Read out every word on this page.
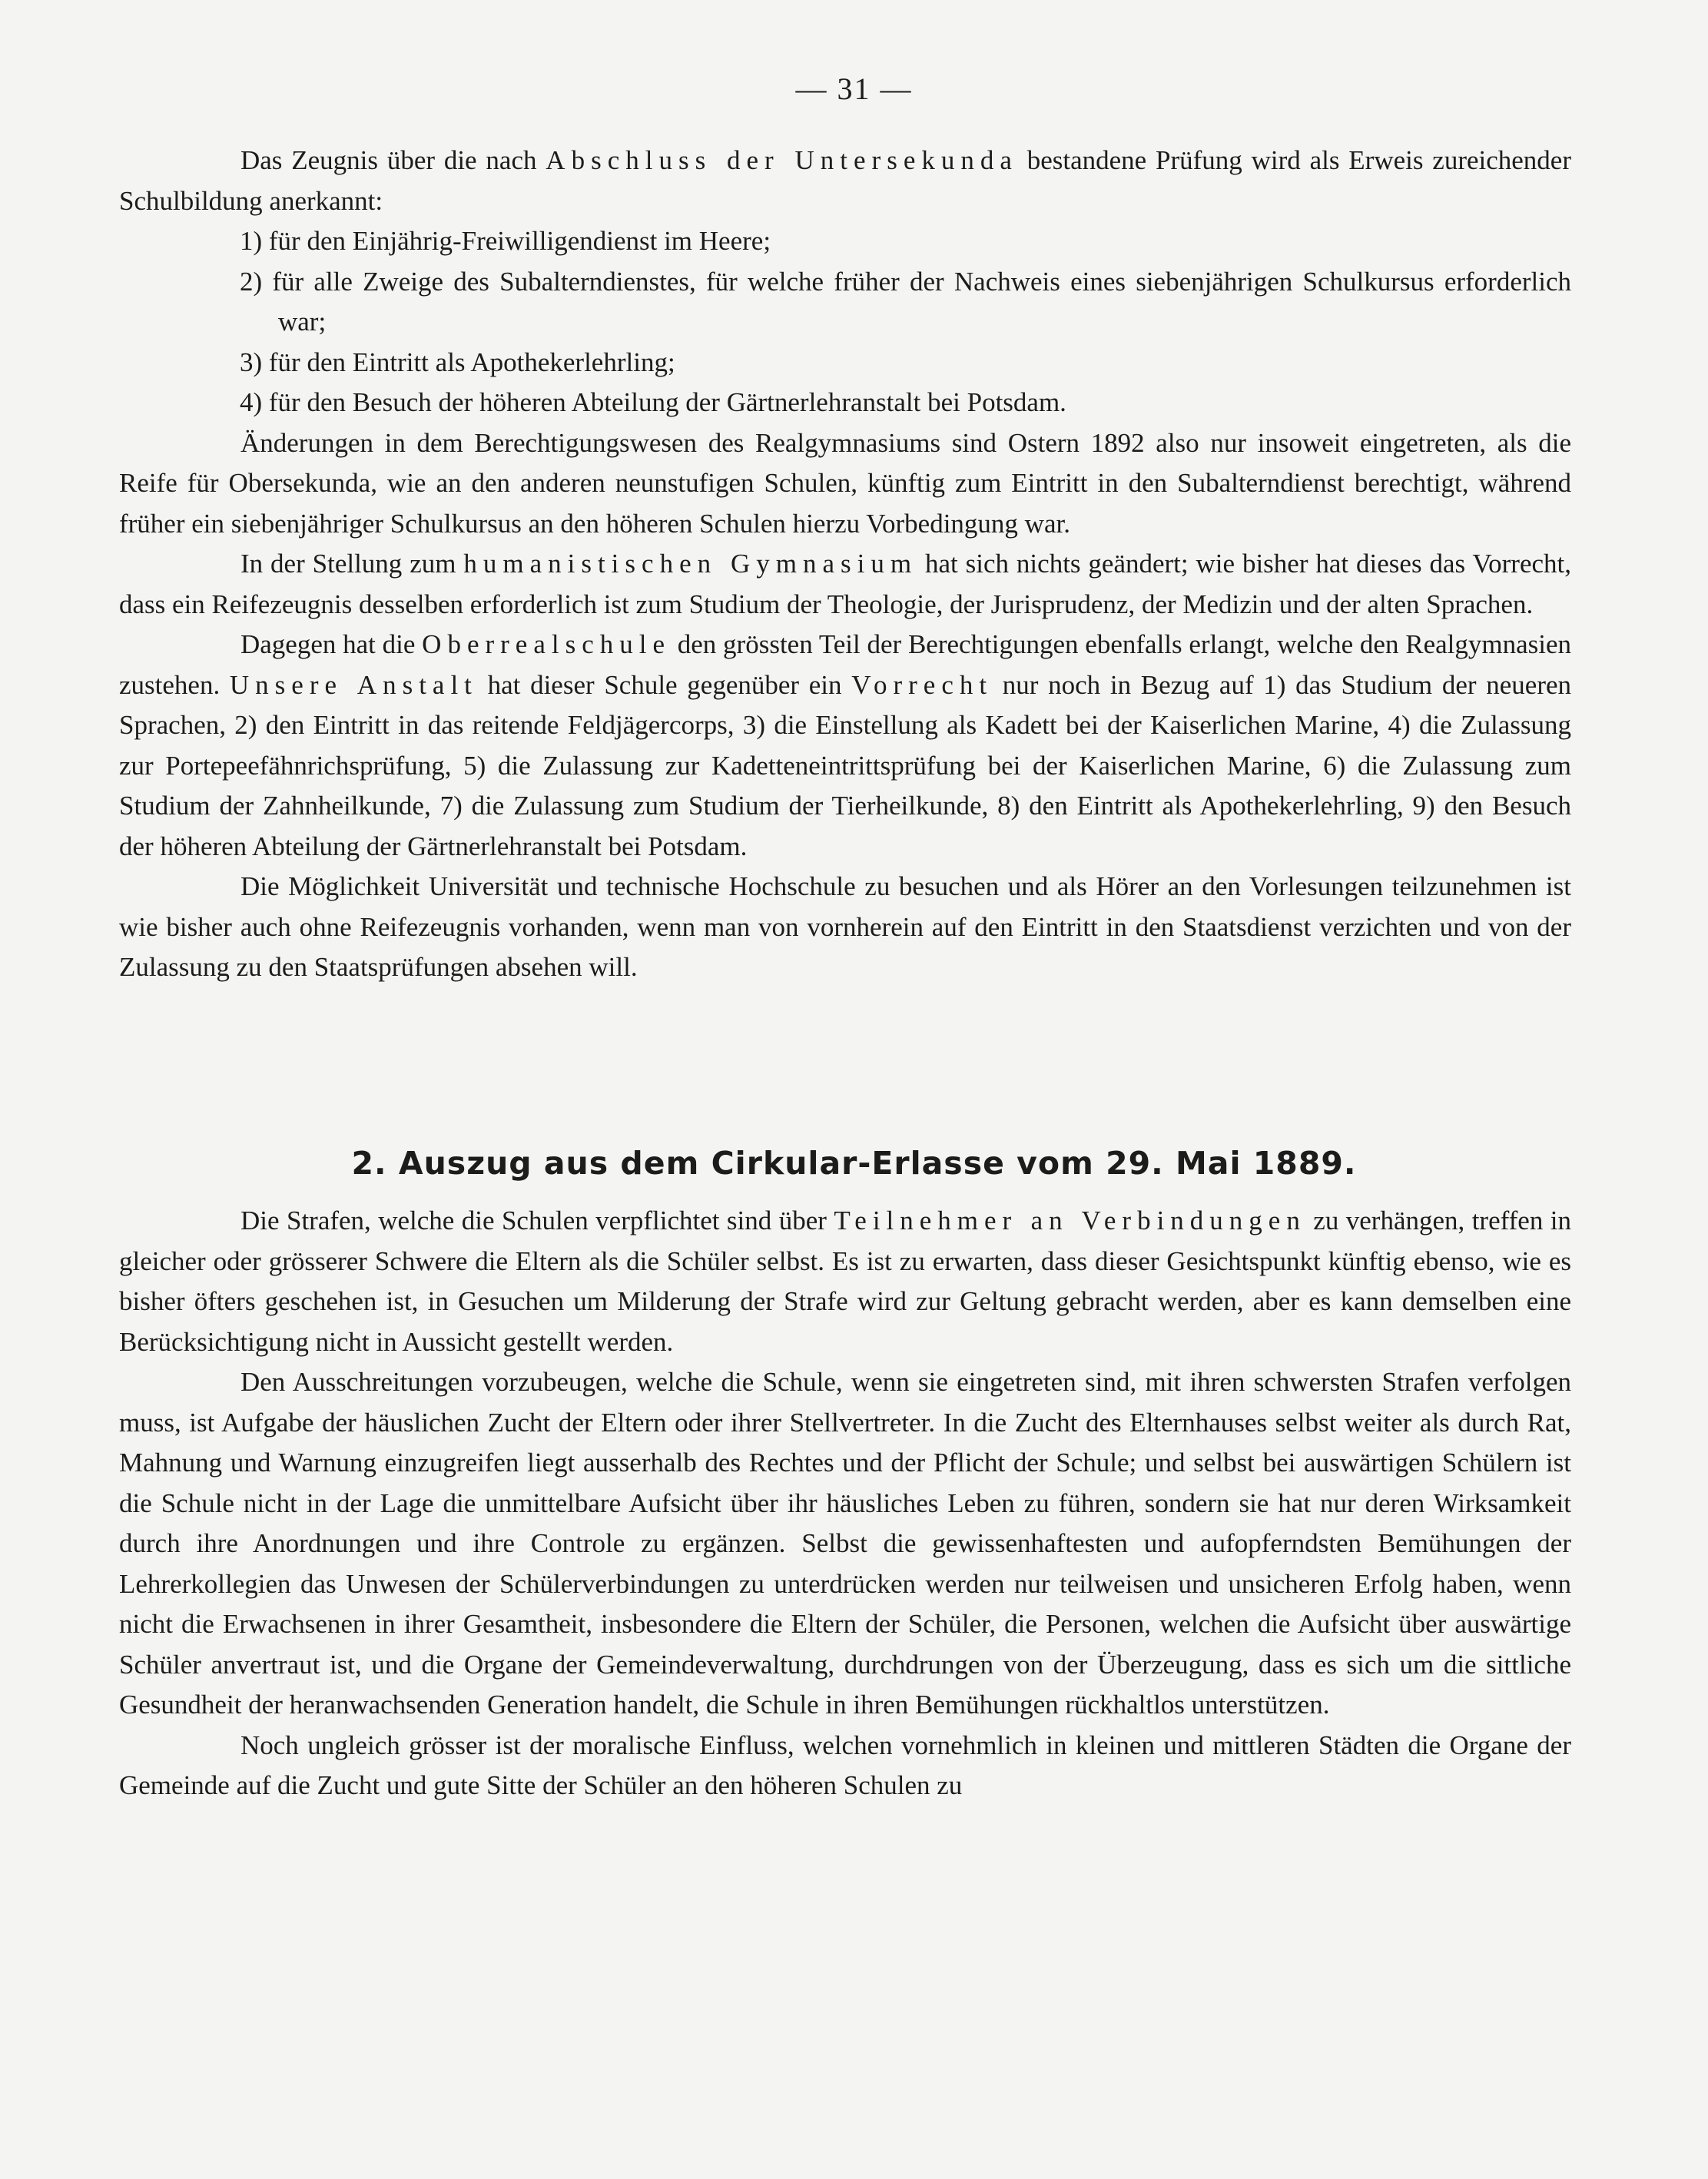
— 31 —

Das Zeugnis über die nach Abschluss der Untersekunda bestandene Prüfung wird als Erweis zureichender Schulbildung anerkannt:

1) für den Einjährig-Freiwilligendienst im Heere;

2) für alle Zweige des Subalterndienstes, für welche früher der Nachweis eines siebenjährigen Schulkursus erforderlich war;

3) für den Eintritt als Apothekerlehrling;

4) für den Besuch der höheren Abteilung der Gärtnerlehranstalt bei Potsdam.

Änderungen in dem Berechtigungswesen des Realgymnasiums sind Ostern 1892 also nur insoweit eingetreten, als die Reife für Obersekunda, wie an den anderen neunstufigen Schulen, künftig zum Eintritt in den Subalterndienst berechtigt, während früher ein siebenjähriger Schulkursus an den höheren Schulen hierzu Vorbedingung war.

In der Stellung zum humanistischen Gymnasium hat sich nichts geändert; wie bisher hat dieses das Vorrecht, dass ein Reifezeugnis desselben erforderlich ist zum Studium der Theologie, der Jurisprudenz, der Medizin und der alten Sprachen.

Dagegen hat die Oberrealschule den grössten Teil der Berechtigungen ebenfalls erlangt, welche den Realgymnasien zustehen. Unsere Anstalt hat dieser Schule gegenüber ein Vorrecht nur noch in Bezug auf 1) das Studium der neueren Sprachen, 2) den Eintritt in das reitende Feldjägercorps, 3) die Einstellung als Kadett bei der Kaiserlichen Marine, 4) die Zulassung zur Portepeefähnrichsprüfung, 5) die Zulassung zur Kadetteneintrittsprüfung bei der Kaiserlichen Marine, 6) die Zulassung zum Studium der Zahnheilkunde, 7) die Zulassung zum Studium der Tierheilkunde, 8) den Eintritt als Apothekerlehrling, 9) den Besuch der höheren Abteilung der Gärtnerlehranstalt bei Potsdam.

Die Möglichkeit Universität und technische Hochschule zu besuchen und als Hörer an den Vorlesungen teilzunehmen ist wie bisher auch ohne Reifezeugnis vorhanden, wenn man von vornherein auf den Eintritt in den Staatsdienst verzichten und von der Zulassung zu den Staatsprüfungen absehen will.

2. Auszug aus dem Cirkular-Erlasse vom 29. Mai 1889.

Die Strafen, welche die Schulen verpflichtet sind über Teilnehmer an Verbindungen zu verhängen, treffen in gleicher oder grösserer Schwere die Eltern als die Schüler selbst. Es ist zu erwarten, dass dieser Gesichtspunkt künftig ebenso, wie es bisher öfters geschehen ist, in Gesuchen um Milderung der Strafe wird zur Geltung gebracht werden, aber es kann demselben eine Berücksichtigung nicht in Aussicht gestellt werden.

Den Ausschreitungen vorzubeugen, welche die Schule, wenn sie eingetreten sind, mit ihren schwersten Strafen verfolgen muss, ist Aufgabe der häuslichen Zucht der Eltern oder ihrer Stellvertreter. In die Zucht des Elternhauses selbst weiter als durch Rat, Mahnung und Warnung einzugreifen liegt ausserhalb des Rechtes und der Pflicht der Schule; und selbst bei auswärtigen Schülern ist die Schule nicht in der Lage die unmittelbare Aufsicht über ihr häusliches Leben zu führen, sondern sie hat nur deren Wirksamkeit durch ihre Anordnungen und ihre Controle zu ergänzen. Selbst die gewissenhaftesten und aufopferndsten Bemühungen der Lehrerkollegien das Unwesen der Schülerverbindungen zu unterdrücken werden nur teilweisen und unsicheren Erfolg haben, wenn nicht die Erwachsenen in ihrer Gesamtheit, insbesondere die Eltern der Schüler, die Personen, welchen die Aufsicht über auswärtige Schüler anvertraut ist, und die Organe der Gemeindeverwaltung, durchdrungen von der Überzeugung, dass es sich um die sittliche Gesundheit der heranwachsenden Generation handelt, die Schule in ihren Bemühungen rückhaltlos unterstützen.

Noch ungleich grösser ist der moralische Einfluss, welchen vornehmlich in kleinen und mittleren Städten die Organe der Gemeinde auf die Zucht und gute Sitte der Schüler an den höheren Schulen zu
